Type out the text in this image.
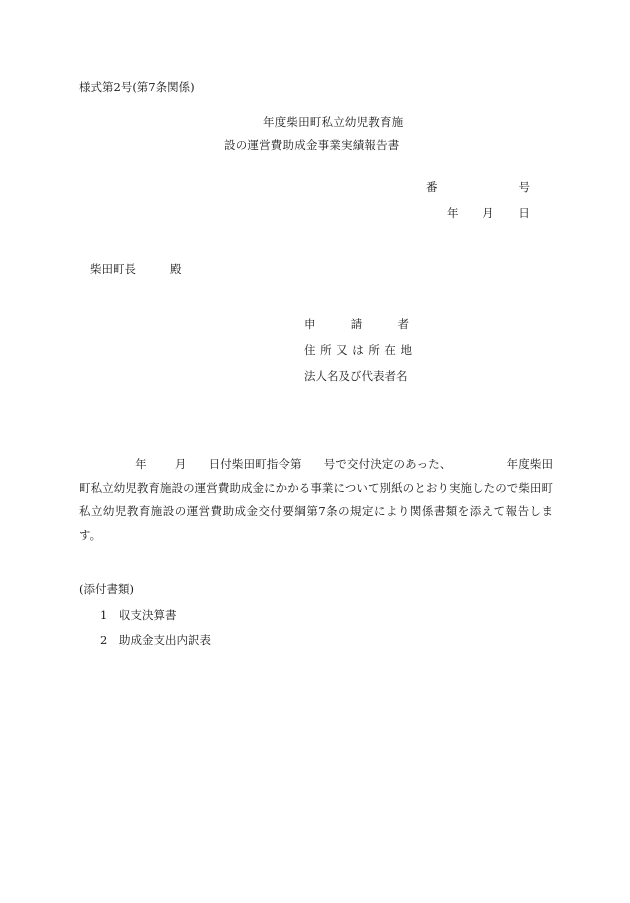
様式第2号(第7条関係)
年度柴田町私立幼児教育施
設の運営費助成金事業実績報告書
番	号
年 月 日
柴田町長	殿
申	請	者
住 所 又 は 所 在 地
法人名及び代表者名
年 月 日付柴田町指令第 号で交付決定のあった、	年度柴田町私立幼児教育施設の運営費助成金にかかる事業について別紙のとおり実施したので柴田町私立幼児教育施設の運営費助成金交付要綱第7条の規定により関係書類を添えて報告します。
(添付書類)
1 収支決算書
2 助成金支出内訳表
